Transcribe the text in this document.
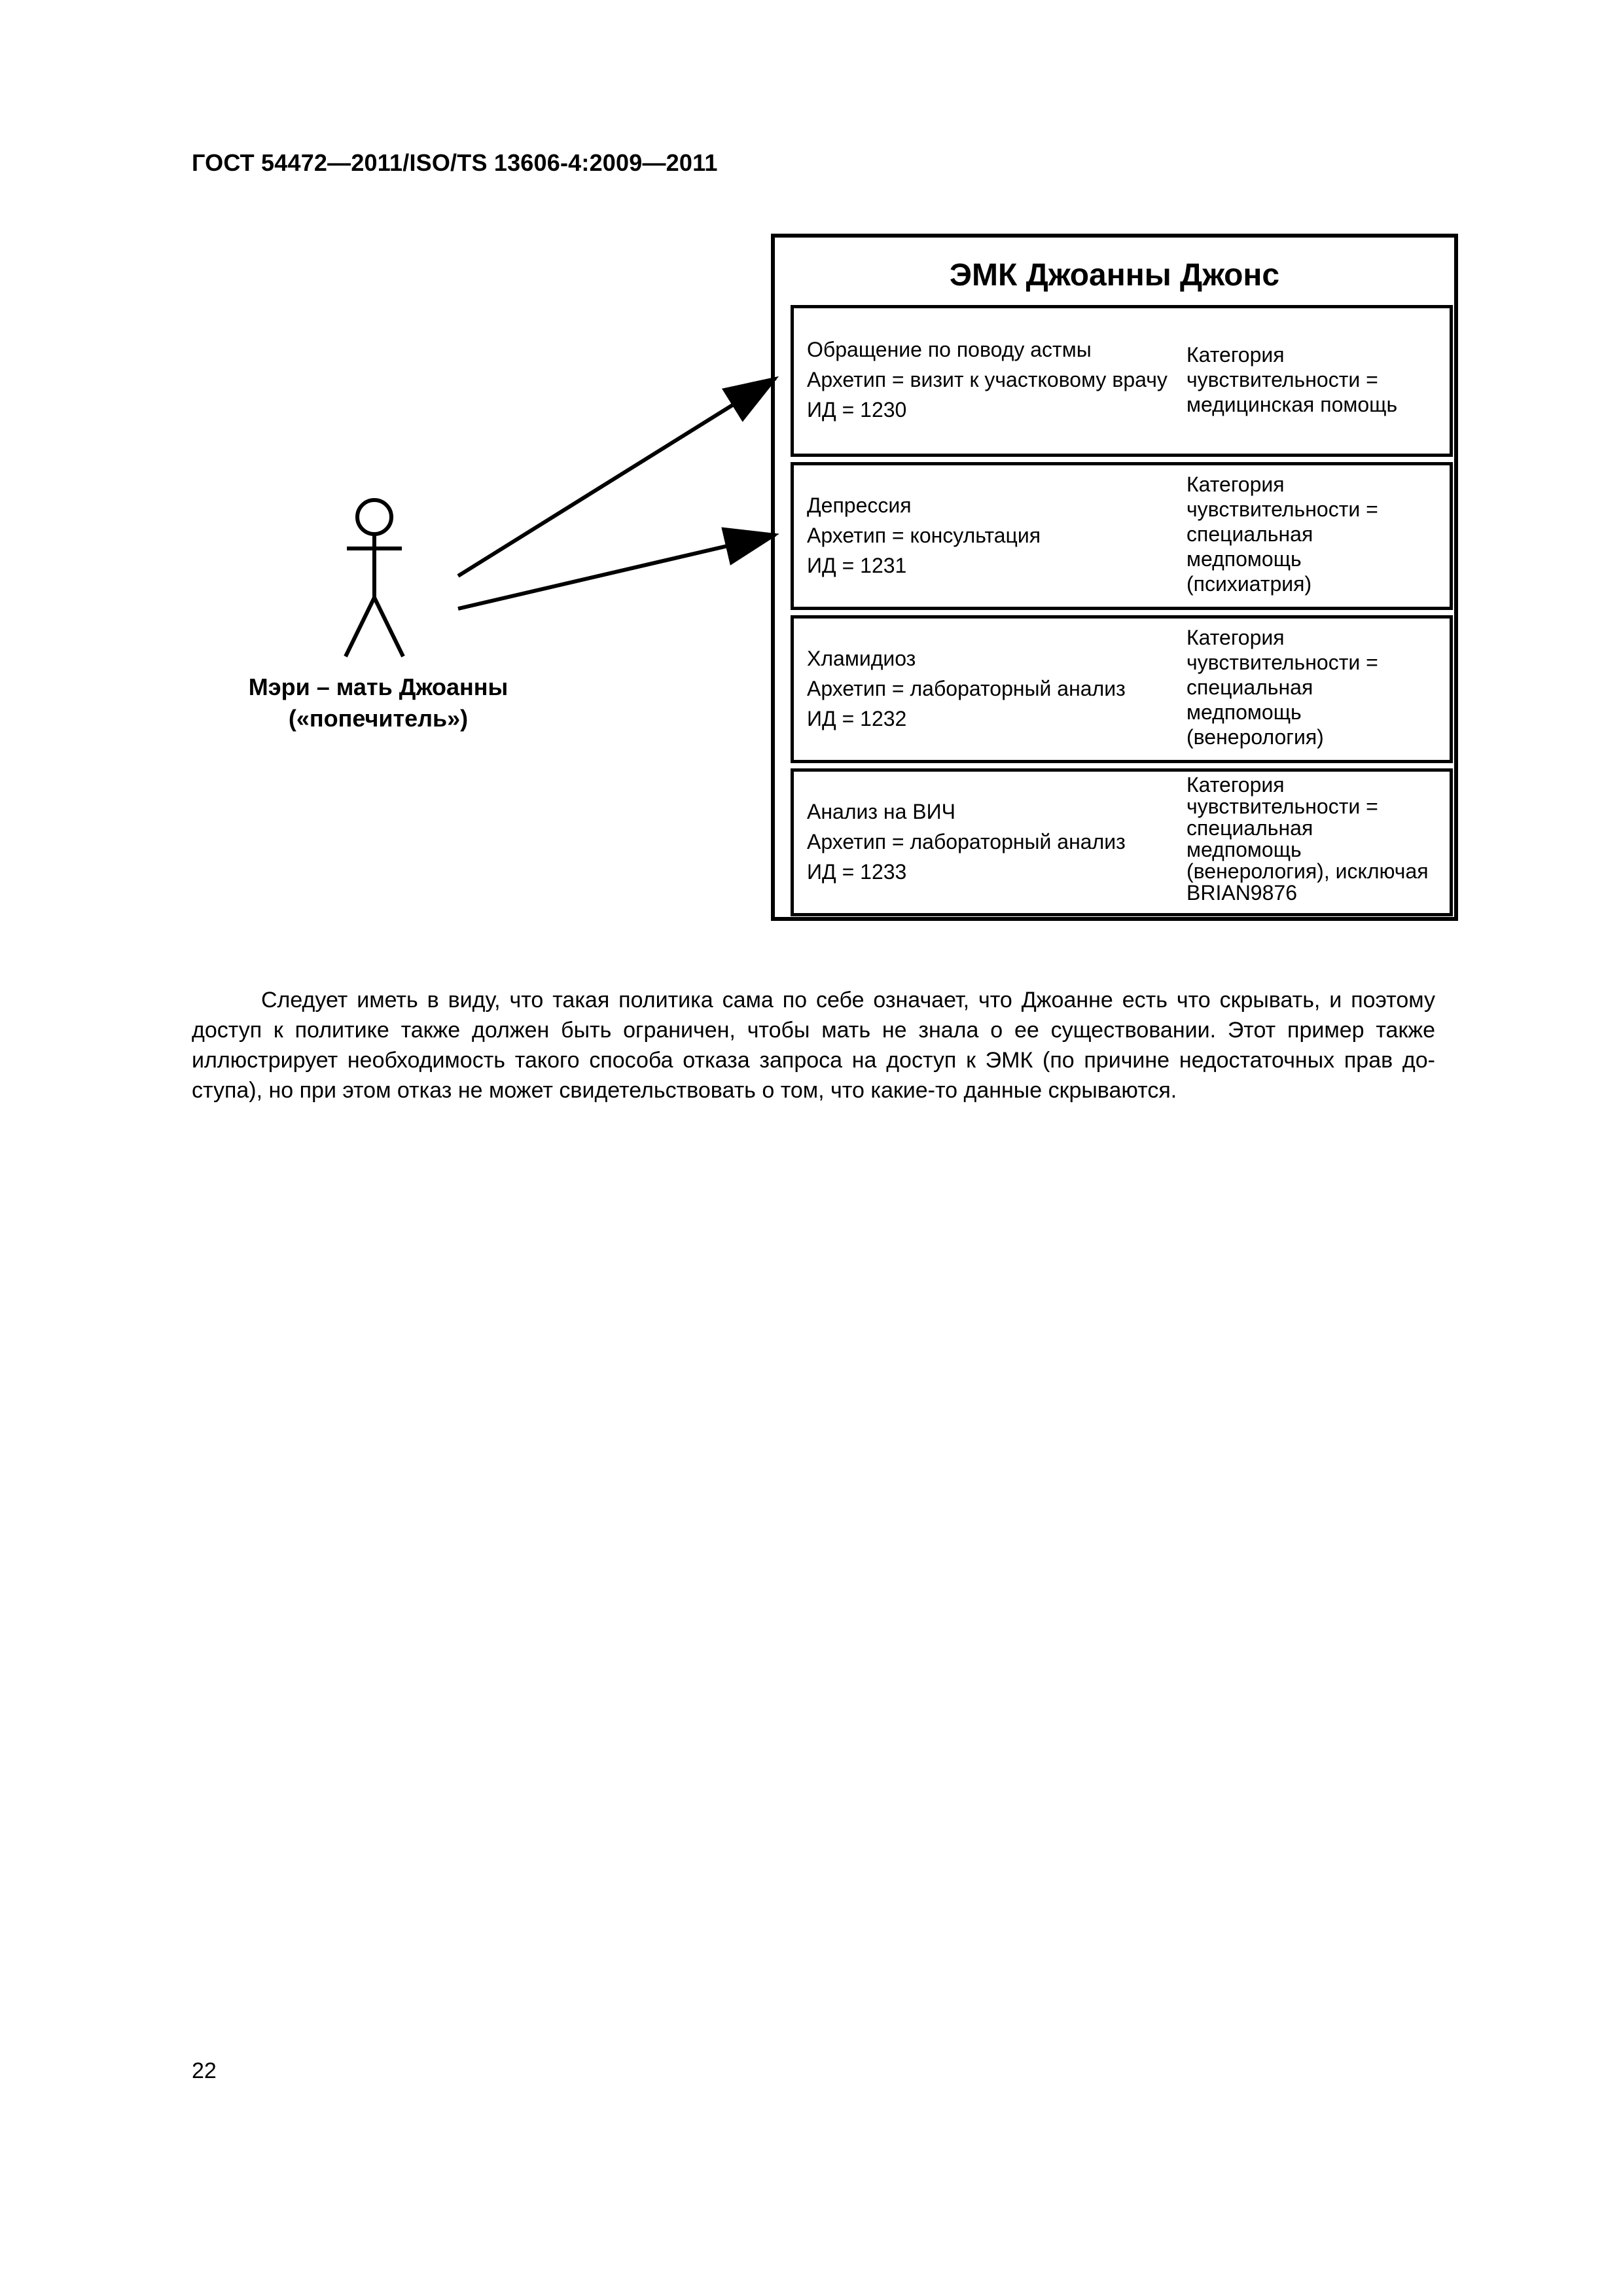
ГОСТ 54472—2011/ISO/TS 13606-4:2009—2011
Мэри – мать Джоанны
(«попечитель»)
ЭМК Джоанны Джонс
Обращение по поводу астмы
Архетип = визит к участковому врачу
ИД = 1230
Категория
чувствительности =
медицинская помощь
Депрессия
Архетип = консультация
ИД = 1231
Категория
чувствительности =
специальная
медпомощь
(психиатрия)
Хламидиоз
Архетип = лабораторный анализ
ИД = 1232
Категория
чувствительности =
специальная
медпомощь
(венерология)
Анализ на ВИЧ
Архетип = лабораторный анализ
ИД = 1233
Категория
чувствительности =
специальная
медпомощь
(венерология), исключая
BRIAN9876
Следует иметь в виду, что такая политика сама по себе означает, что Джоанне есть что скрывать, и поэтому
доступ к политике также должен быть ограничен, чтобы мать не знала о ее существовании. Этот пример также
иллюстрирует необходимость такого способа отказа запроса на доступ к ЭМК (по причине недостаточных прав до-
ступа), но при этом отказ не может свидетельствовать о том, что какие-то данные скрываются.
22
